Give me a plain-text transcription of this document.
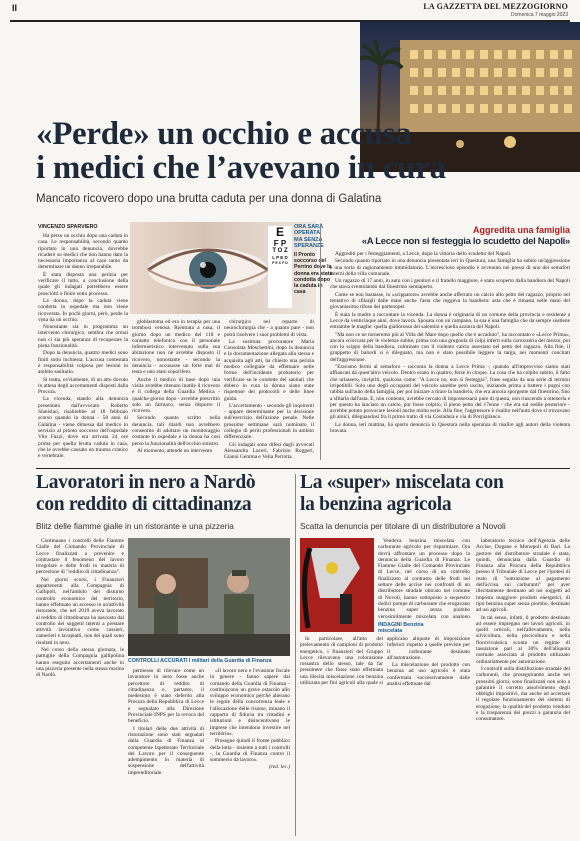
II	LA GAZZETTA DEL MEZZOGIORNO
Domenica 7 maggio 2023
«Perde» un occhio e accusa
i medici che l’avevano in cura
Mancato ricovero dopo una brutta caduta per una donna di Galatina
E
F P
T O Z
L P E D
P E C F D
ORA SARÀ
OPERATA
MA SENZA
SPERANZE
Il Pronto soccorso del Perrino dove la donna era stata condotta dopo la caduta in casa
VINCENZO SPARVIERO

Ha perso un occhio dopo una caduta in casa. Le responsabilità, secondo quanto riportato in una denuncia, dovrebbe ricadere su medici che non hanno dato la necessaria importanza al caso tanto da determinare un danno irreparabile.

È stata disposta una perizia per verificare il tutto, a conclusione della quale gli indagati potrebbero essere prosciolti o finire sotto processo.

La donna, dopo la caduta viene condotta in ospedale ma non viene ricoverata. In pochi giorni, però, perde la vista da un occhio.

Nonostante sia in programma un intervento chirurgico, sembra che ormai non ci sia più speranza di recuperare la piena funzionalità.

Dopo la denuncia, quattro medici sono finiti sotto inchiesta. L'accusa contestata è responsabilità colposa per lesioni in ambito sanitario.

Si tratta, ovviamente, di un atto dovuto in attesa degli accertamenti disposti dalla Procura.

La vicenda, stando alla denuncia presentata dall'avvocato Roberto Stanislao, risalirebbe al 18 febbraio scorso quando la donna - 58 anni di Galatina - viene dimessa dal medico in servizio al pronto soccorso dell'ospedale Vito Fazzi, dove era arrivata 24 ore prima per quella brutta caduta in casa, che le avrebbe causato un trauma cranico e vertebrale.

globlastoma ed era in terapia per una trombosi venosa. Rientrata a casa, il giorno dopo un medico del 118 e contatto telefonico con il personale infermieristico intervenuto sulla sua abitazione non ne avrebbe disposto il ricovero, nonostante - secondo la denuncia - accusasse un forte mal di testa e uno stato soporifero.

Anche il medico di base dopo una visita avrebbe ritenuto inutile il ricovero e il collega della Guardia Medica - qualche giorno dopo - avrebbe prescritto solo un farmaco, senza disporre il ricovero.

Secondo quanto scritto nella denuncia, tali ritardi non avrebbero consentito di adottare un monitoraggio costante in ospedale e la donna ha così perso la funzionalità dell'occhio sinistro.

Al momento, attende un intervento

chirurgico nel reparto di neurochirurgia che - a quanto pare - non potrà risolvere i suoi problemi di vista.

La sostituta procuratore Maria Consolata Moschettini, dopo la denuncia e la documentazione allegata alla stessa e acquisita agli atti, ha chiesto una perizia medico collegiale da effettuare nelle forme dell'incidente probatorio per verificare se le condotte dei sanitari che ebbero in cura la donna siano state rispettose dei protocolli e delle linee guida.

L'accertamento - secondo gli inquirenti - appare determinante per la decisione sull'esercizio dell'azione penale. Nelle prossime settimane sarà nominato il collegio di periti professionali in ambito differenziale.

Gli indagati sono difesi dagli avvocati Alessandra Luceri, Fabrizio Ruggeri, Gianni Gemma e Velia Perrotta.

Aggredita una famiglia
«A Lecce non si festeggia lo scudetto del Napoli»

Aggrediti per i festeggiamenti, a Lecce, dopo la vittoria dello scudetto del Napoli.

Secondo quanto riportato in una denuncia presentata ieri in Questura, una famiglia ha subito un'aggressione e una sorta di ragionamento intimidatorio. L'increscioso episodio è avvenuto nei pressi di uno dei semafori interni della villa comunale.

Un ragazzo di 17 anni, in auto con i genitori e il fratello maggiore, è stato scoperto dalla bandiera del Napoli che stava sventolando dal finestrino semiaperto.

Come se non bastasse, lo «scippatore» avrebbe anche afferrato un calcio allo petto del ragazzo, proprio nel tentativo di sfilargli dalle mani anche l'asta che reggeva la bandiera: asta che è rimasta nelle mani del giovanissimo tifoso dei partenopei.

È stata la madre a raccontare la vicenda. La donna è originaria di un comune della provincia e residente a Lecce da venticinque anni, dove lavora. Sposata con un campano, la sua è una famiglia che da sempre sostiene entrambe le maglie: quella giallorossa dei salentini e quella azzurra del Napoli.

"Ma non ce ne torneremo più al Villa del Mare dopo quello che è accaduto", ha raccontato e «Lecce Prima», ancora scioccata per le violenze subite, prima con una grugnola di colpi inferti sulla carrozzeria del mezzo, poi con lo scippo della bandiera, culminato con il violento calcio assestato nel petto del ragazzo. Alla fine, il gruppetto di balordi si è dileguato, ma non è stato possibile leggere la targa, nei momenti concitati dell'aggressione.

"Eravamo fermi al semaforo - racconta la donna a Lecce Prima -, quando all'improvviso siamo stati affiancati da quest'altro veicolo. Dentro erano in quattro, forse in cinque. La cosa che ha colpito subito, il fatto che urlassero, invipriti, qualcosa come: "A Lecce no, non si festeggia", frase seguita da una serie di termini irripetibili. Solo uno degli occupanti del veicolo sarebbe però uscito, iniziando prima a battere i pugni con rabbia sull'auto della famiglia, per poi iniziare a tirare la bandiera, che era ancora sporgente dal finestrino, fino a sfilarla dall'asta. E, non contento, avrebbe cercato di impossessarsi pure di questa, non riuscendo a ottenerla e per questo ha lanciato un calcio, pur fosse colpito, il pieno petto del 17enne - che era sul sedile posteriore - avrebbe potuto provocare lesioni anche molto serie. Alla fine, l'aggressore è risalito nell'auto dove si trovavano gli amici, dileguandosi fra il primo tratto di via Costadura e via di Porciglianco.

La donna, ieri mattina, ha sporto denuncia in Questura nella speranza di risalire agli autori della violenta bravata.

Lavoratori in nero a Nardò
con reddito di cittadinanza
Blitz delle fiamme gialle in un ristorante e una pizzeria

Continuano i controlli delle Fiamme Gialle del Comando Provinciale di Lecce finalizzati a prevenire e contrastare il fenomeno del lavoro irregolare e delle frodi in materia di percezione di "reddito di cittadinanza".

Nei giorni scorsi, i Finanzieri appartenenti alla Compagnia di Gallipoli, nell'ambito del disturno controllo economico del territorio, hanno effettuato un accesso in un'attività ristorante, che nel 2019 aveva lavorato al reddito di cittadinanza ha nascosto dal controllo dei soggetti intenti a prestare attività lavorativa come cassieri, camerieri e lavapiatti, non dei quali sono risultati in nero.

Nel corso della stessa giornata, le pattuglie della Compagnia gallipolina hanno eseguito accertamenti anche in una pizzeria presente nella stessa marina di Nardò.

CONTROLLI ACCURATI I militari della Guardia di Finanza

permesso di rilevare come un lavoratore in nero fosse anche percettore di reddito di cittadinanza e, pertanto, il medesimo è stato deferito alla Procura della Repubblica di Lecce e segnalato alla Direzione Provinciale INPS per la revoca del beneficio.

I titolari delle due attività di ristorazione sono stati segnalati dalla Guardia di Finanza al competente Ispettorato Territoriale del Lavoro per il conseguente adempimento in materia di sospensione dell'attività imprenditoriale.

«Il lavoro nero e l'evasione fiscale in genere - fanno sapere dal comando della Guardia di Finanza - costituiscono un grave ostacolo allo sviluppo economico perché alterano le regole della concorrenza leale e l'allocazione delle risorse, minano il rapporto di fiducia tra cittadini e istituzioni e disincentivano le imprese che intendono investire nel territorio».

Prosegue quindi il fronte pubblico della lotta - insieme a tutti i controlli -, la Guardia di Finanza contro il sommerso da lavoro».

(red. lec.)

La «super» miscelata con
la benzina agricola
Scatta la denuncia per titolare di un distributore a Novoli
INDAGINI Benzina miscelata

Vendeva benzina miscelata con carburante agricolo per risparmiare. Ora dovrà affrontare un processo dopo la denuncia della Guardia di Finanza. Le Fiamme Gialle del Comando Provinciale di Lecce, nel corso di un controllo finalizzato al contrasto delle frodi nel settore delle accise nei confronti di un distributore stradale ubicato nel comune di Novoli, hanno sottoposto a sequestro dodici pompe di carburante che erogavano benzina super senza piombo verosimilmente miscelata con analogo

In particolare, all'atto del prelevamento di campioni di prodotto energetico, i finanzieri del Gruppo Lecce rilevavano una colorazione rossastra dello stesso, tale da far presumere che fosse stato effettuata una illecita miscelazione con benzina utilizzata per fini agricoli alla quale si applicano aliquote di imposizione inferiori rispetto a quelle previste per il carburante destinato all'autotrazione.

La miscelazione del prodotto con benzina ad uso agricolo è stata confermata successivamente dalle analisi effettuate dal

laboratorio tecnico dell'Agenzia delle Accise, Dogane e Monopoli di Bari. La gestore del distributore stradale è stata, quindi, denunciata dalla Guardia di Finanza alla Procura della Repubblica presso il Tribunale di Lecce per l'ipotesi di reato di "sottrazione al pagamento dell'accisa sui carburanti" per aver illecitamente destinato ad usi soggetti ad imposta maggiore prodotti energetici, di tipo benzina super senza piombo, destinato ad usi agricoli.

In tal senso, infatti, il prodotto destinato ad essere impiegato nei lavori agricoli, in quelli orticoli, nell'allevamento, nella silvicoltura, nella piscicoltura e nella florovivaistica sconta un regime di tassazione pari al 30% dell'aliquota normale associata al prodotto utilizzato ordinariamente per autotrazione.

I controlli sulla distribuzione stradale dei carburanti, che proseguiranno anche nei prossimi giorni, sono finalizzati non solo a garantire il corretto assolvimento degli obblighi impositivi, ma anche ad accertare il regolare funzionamento dei sistemi di erogazione, la qualità del prodotto venduto e la trasparenza dei prezzi a garanzia del consumatore.
